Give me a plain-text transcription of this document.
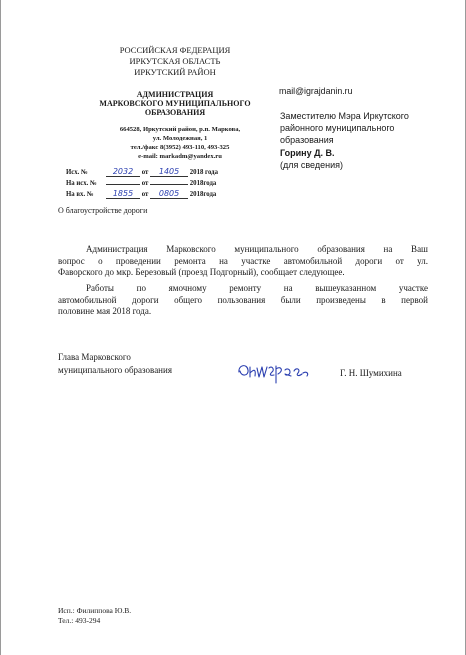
РОССИЙСКАЯ ФЕДЕРАЦИЯ
ИРКУТСКАЯ ОБЛАСТЬ
ИРКУТСКИЙ РАЙОН
АДМИНИСТРАЦИЯ
МАРКОВСКОГО МУНИЦИПАЛЬНОГО
ОБРАЗОВАНИЯ
664528, Иркутский район, р.п. Маркова,
ул. Молодежная, 1
тел./факс 8(3952) 493-110, 493-325
e-mail: markadm@yandex.ru
Исх. №	2032 от 1405 2018 года
На исх. №	от	2018года
На вх. № 1855 от 0805 2018года
О благоустройстве дороги
mail@igrajdanin.ru
Заместителю Мэра Иркутского
районного муниципального
образования
Горину Д. В.
(для сведения)
Администрация Марковского муниципального образования на Ваш
вопрос о проведении ремонта на участке автомобильной дороги от ул.
Фаворского до мкр. Березовый (проезд Подгорный), сообщает следующее.
Работы по ямочному ремонту на вышеуказанном участке
автомобильной дороги общего пользования были произведены в первой
половине мая 2018 года.
Глава Марковского
муниципального образования	Г. Н. Шумихина
Исп.: Филиппова Ю.В.
Тел.: 493-294
